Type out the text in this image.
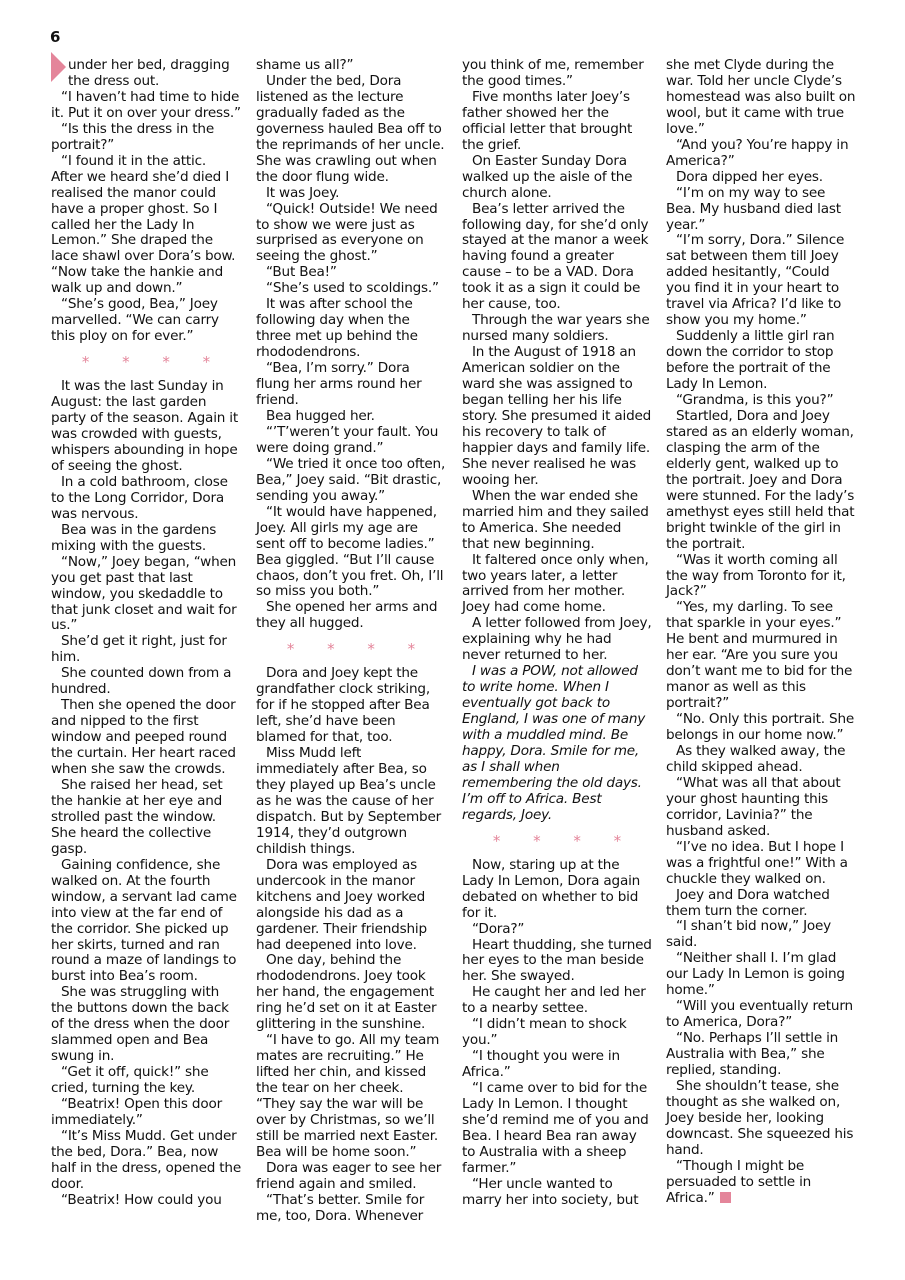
6

under her bed, dragging the dress out.

“I haven’t had time to hide it. Put it on over your dress.”

“Is this the dress in the portrait?”

“I found it in the attic. After we heard she’d died I realised the manor could have a proper ghost. So I called her the Lady In Lemon.” She draped the lace shawl over Dora’s bow. “Now take the hankie and walk up and down.”

“She’s good, Bea,” Joey marvelled. “We can carry this ploy on for ever.”

* * * *

It was the last Sunday in August: the last garden party of the season. Again it was crowded with guests, whispers abounding in hope of seeing the ghost.

In a cold bathroom, close to the Long Corridor, Dora was nervous.

Bea was in the gardens mixing with the guests.

“Now,” Joey began, “when you get past that last window, you skedaddle to that junk closet and wait for us.”

She’d get it right, just for him.

She counted down from a hundred.

Then she opened the door and nipped to the first window and peeped round the curtain. Her heart raced when she saw the crowds.

She raised her head, set the hankie at her eye and strolled past the window. She heard the collective gasp.

Gaining confidence, she walked on. At the fourth window, a servant lad came into view at the far end of the corridor. She picked up her skirts, turned and ran round a maze of landings to burst into Bea’s room.

She was struggling with the buttons down the back of the dress when the door slammed open and Bea swung in.

“Get it off, quick!” she cried, turning the key.

“Beatrix! Open this door immediately.”

“It’s Miss Mudd. Get under the bed, Dora.” Bea, now half in the dress, opened the door.

“Beatrix! How could you

shame us all?”

Under the bed, Dora listened as the lecture gradually faded as the governess hauled Bea off to the reprimands of her uncle. She was crawling out when the door flung wide.

It was Joey.

“Quick! Outside! We need to show we were just as surprised as everyone on seeing the ghost.”

“But Bea!”

“She’s used to scoldings.”

It was after school the following day when the three met up behind the rhododendrons.

“Bea, I’m sorry.” Dora flung her arms round her friend.

Bea hugged her.

“’T’weren’t your fault. You were doing grand.”

“We tried it once too often, Bea,” Joey said. “Bit drastic, sending you away.”

“It would have happened, Joey. All girls my age are sent off to become ladies.” Bea giggled. “But I’ll cause chaos, don’t you fret. Oh, I’ll so miss you both.”

She opened her arms and they all hugged.

* * * *

Dora and Joey kept the grandfather clock striking, for if he stopped after Bea left, she’d have been blamed for that, too.

Miss Mudd left immediately after Bea, so they played up Bea’s uncle as he was the cause of her dispatch. But by September 1914, they’d outgrown childish things.

Dora was employed as undercook in the manor kitchens and Joey worked alongside his dad as a gardener. Their friendship had deepened into love.

One day, behind the rhododendrons. Joey took her hand, the engagement ring he’d set on it at Easter glittering in the sunshine.

“I have to go. All my team mates are recruiting.” He lifted her chin, and kissed the tear on her cheek. “They say the war will be over by Christmas, so we’ll still be married next Easter. Bea will be home soon.”

Dora was eager to see her friend again and smiled.

“That’s better. Smile for me, too, Dora. Whenever

you think of me, remember the good times.”

Five months later Joey’s father showed her the official letter that brought the grief.

On Easter Sunday Dora walked up the aisle of the church alone.

Bea’s letter arrived the following day, for she’d only stayed at the manor a week having found a greater cause – to be a VAD. Dora took it as a sign it could be her cause, too.

Through the war years she nursed many soldiers.

In the August of 1918 an American soldier on the ward she was assigned to began telling her his life story. She presumed it aided his recovery to talk of happier days and family life. She never realised he was wooing her.

When the war ended she married him and they sailed to America. She needed that new beginning.

It faltered once only when, two years later, a letter arrived from her mother. Joey had come home.

A letter followed from Joey, explaining why he had never returned to her.

I was a POW, not allowed to write home. When I eventually got back to England, I was one of many with a muddled mind. Be happy, Dora. Smile for me, as I shall when remembering the old days. I’m off to Africa. Best regards, Joey.

* * * *

Now, staring up at the Lady In Lemon, Dora again debated on whether to bid for it.

“Dora?”

Heart thudding, she turned her eyes to the man beside her. She swayed.

He caught her and led her to a nearby settee.

“I didn’t mean to shock you.”

“I thought you were in Africa.”

“I came over to bid for the Lady In Lemon. I thought she’d remind me of you and Bea. I heard Bea ran away to Australia with a sheep farmer.”

“Her uncle wanted to marry her into society, but

she met Clyde during the war. Told her uncle Clyde’s homestead was also built on wool, but it came with true love.”

“And you? You’re happy in America?”

Dora dipped her eyes.

“I’m on my way to see Bea. My husband died last year.”

“I’m sorry, Dora.” Silence sat between them till Joey added hesitantly, “Could you find it in your heart to travel via Africa? I’d like to show you my home.”

Suddenly a little girl ran down the corridor to stop before the portrait of the Lady In Lemon.

“Grandma, is this you?”

Startled, Dora and Joey stared as an elderly woman, clasping the arm of the elderly gent, walked up to the portrait. Joey and Dora were stunned. For the lady’s amethyst eyes still held that bright twinkle of the girl in the portrait.

“Was it worth coming all the way from Toronto for it, Jack?”

“Yes, my darling. To see that sparkle in your eyes.” He bent and murmured in her ear. “Are you sure you don’t want me to bid for the manor as well as this portrait?”

“No. Only this portrait. She belongs in our home now.”

As they walked away, the child skipped ahead.

“What was all that about your ghost haunting this corridor, Lavinia?” the husband asked.

“I’ve no idea. But I hope I was a frightful one!” With a chuckle they walked on.

Joey and Dora watched them turn the corner.

“I shan’t bid now,” Joey said.

“Neither shall I. I’m glad our Lady In Lemon is going home.”

“Will you eventually return to America, Dora?”

“No. Perhaps I’ll settle in Australia with Bea,” she replied, standing.

She shouldn’t tease, she thought as she walked on, Joey beside her, looking downcast. She squeezed his hand.

“Though I might be persuaded to settle in Africa.”
